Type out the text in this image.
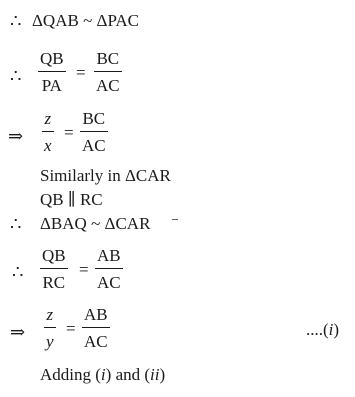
∴ ΔQAB ~ ΔPAC
∴
QB
PA
=
BC
AC
⇒
z
x
=
BC
AC
Similarly in ΔCAR
QB ∥ RC
∴ ΔBAQ ~ ΔCAR
∴
QB
RC
=
AB
AC
⇒
z
y
=
AB
AC
....(i)
Adding (i) and (ii)
